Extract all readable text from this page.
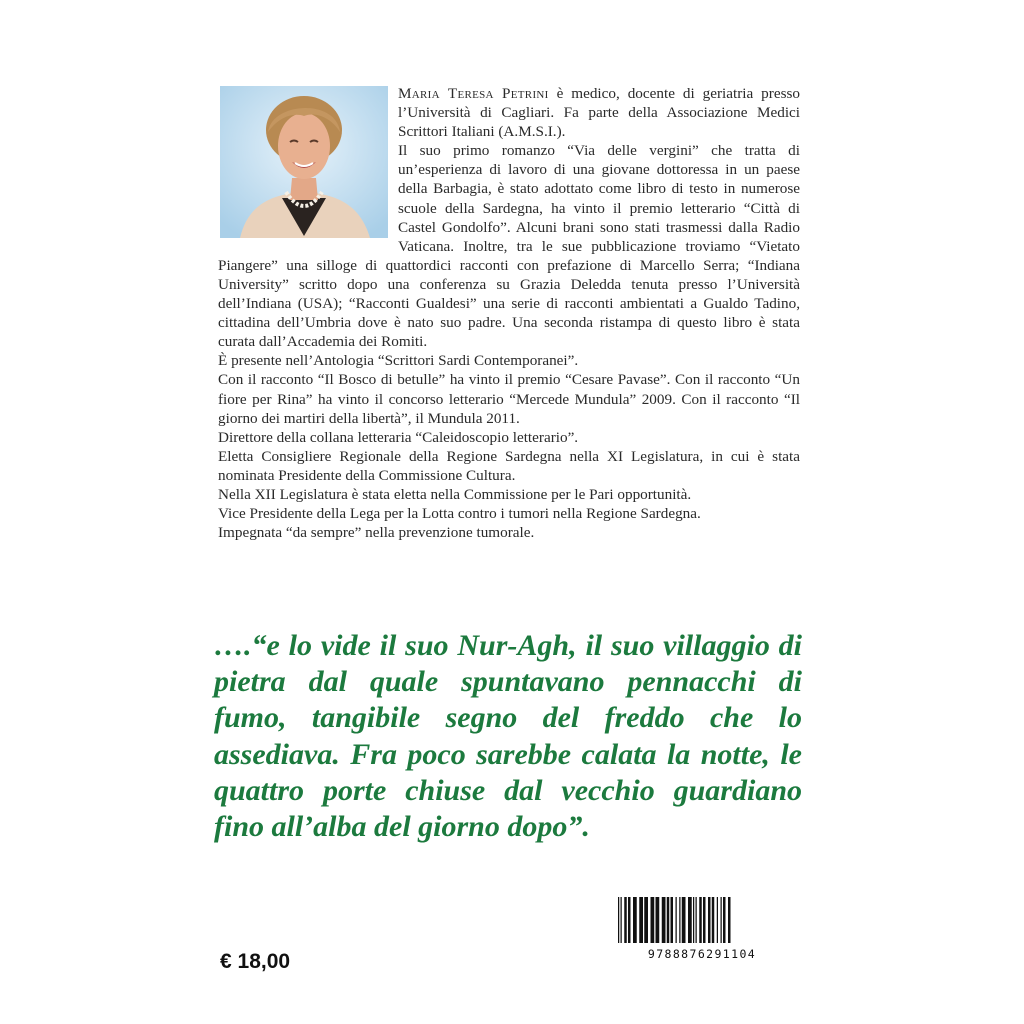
Maria Teresa Petrini è medico, docente di geriatria presso l’Università di Cagliari. Fa parte della Associazione Medici Scrittori Italiani (A.M.S.I.).

Il suo primo romanzo “Via delle vergini” che tratta di un’esperienza di lavoro di una giovane dottoressa in un paese della Barbagia, è stato adottato come libro di testo in numerose scuole della Sardegna, ha vinto il premio letterario “Città di Castel Gondolfo”. Alcuni brani sono stati trasmessi dalla Radio Vaticana. Inoltre, tra le sue pubblicazione troviamo “Vietato Piangere” una silloge di quattordici racconti con prefazione di Marcello Serra; “Indiana University” scritto dopo una conferenza su Grazia Deledda tenuta presso l’Università dell’Indiana (USA); “Racconti Gualdesi” una serie di racconti ambientati a Gualdo Tadino, cittadina dell’Umbria dove è nato suo padre. Una seconda ristampa di questo libro è stata curata dall’Accademia dei Romiti.

È presente nell’Antologia “Scrittori Sardi Contemporanei”.

Con il racconto “Il Bosco di betulle” ha vinto il premio “Cesare Pavase”. Con il racconto “Un fiore per Rina” ha vinto il concorso letterario “Mercede Mundula” 2009. Con il racconto “Il giorno dei martiri della libertà”, il Mundula 2011.

Direttore della collana letteraria “Caleidoscopio letterario”.

Eletta Consigliere Regionale della Regione Sardegna nella XI Legislatura, in cui è stata nominata Presidente della Commissione Cultura.

Nella XII Legislatura è stata eletta nella Commissione per le Pari opportunità.

Vice Presidente della Lega per la Lotta contro i tumori nella Regione Sardegna.

Impegnata “da sempre” nella prevenzione tumorale.

….“e lo vide il suo Nur-Agh, il suo villaggio di pietra dal quale spuntavano pennacchi di fumo, tangibile segno del freddo che lo assediava. Fra poco sarebbe calata la notte, le quattro porte chiuse dal vecchio guardiano fino all’alba del giorno dopo”.

€ 18,00	9788876291104
